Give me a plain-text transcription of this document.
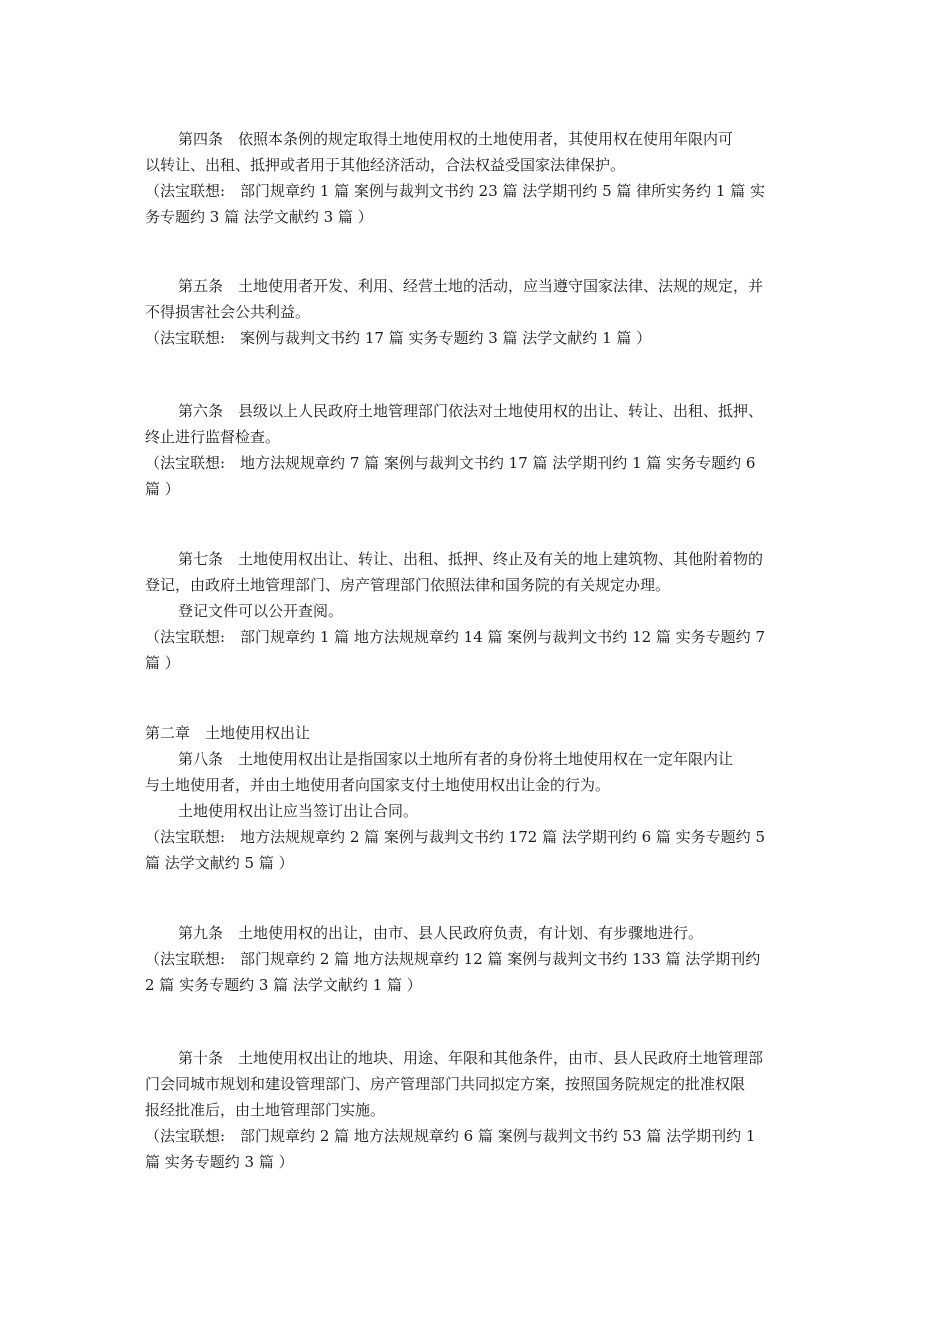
第四条　依照本条例的规定取得土地使用权的土地使用者，其使用权在使用年限内可
以转让、出租、抵押或者用于其他经济活动，合法权益受国家法律保护。
（法宝联想:　部门规章约 1 篇 案例与裁判文书约 23 篇 法学期刊约 5 篇 律所实务约 1 篇 实
务专题约 3 篇 法学文献约 3 篇 ）
第五条　土地使用者开发、利用、经营土地的活动，应当遵守国家法律、法规的规定，并
不得损害社会公共利益。
（法宝联想:　案例与裁判文书约 17 篇 实务专题约 3 篇 法学文献约 1 篇 ）
第六条　县级以上人民政府土地管理部门依法对土地使用权的出让、转让、出租、抵押、
终止进行监督检查。
（法宝联想:　地方法规规章约 7 篇 案例与裁判文书约 17 篇 法学期刊约 1 篇 实务专题约 6
篇 ）
第七条　土地使用权出让、转让、出租、抵押、终止及有关的地上建筑物、其他附着物的
登记，由政府土地管理部门、房产管理部门依照法律和国务院的有关规定办理。
登记文件可以公开查阅。
（法宝联想:　部门规章约 1 篇 地方法规规章约 14 篇 案例与裁判文书约 12 篇 实务专题约 7
篇 ）
第二章　土地使用权出让
第八条　土地使用权出让是指国家以土地所有者的身份将土地使用权在一定年限内让
与土地使用者，并由土地使用者向国家支付土地使用权出让金的行为。
土地使用权出让应当签订出让合同。
（法宝联想:　地方法规规章约 2 篇 案例与裁判文书约 172 篇 法学期刊约 6 篇 实务专题约 5
篇 法学文献约 5 篇 ）
第九条　土地使用权的出让，由市、县人民政府负责，有计划、有步骤地进行。
（法宝联想:　部门规章约 2 篇 地方法规规章约 12 篇 案例与裁判文书约 133 篇 法学期刊约
2 篇 实务专题约 3 篇 法学文献约 1 篇 ）
第十条　土地使用权出让的地块、用途、年限和其他条件，由市、县人民政府土地管理部
门会同城市规划和建设管理部门、房产管理部门共同拟定方案，按照国务院规定的批准权限
报经批准后，由土地管理部门实施。
（法宝联想:　部门规章约 2 篇 地方法规规章约 6 篇 案例与裁判文书约 53 篇 法学期刊约 1
篇 实务专题约 3 篇 ）
